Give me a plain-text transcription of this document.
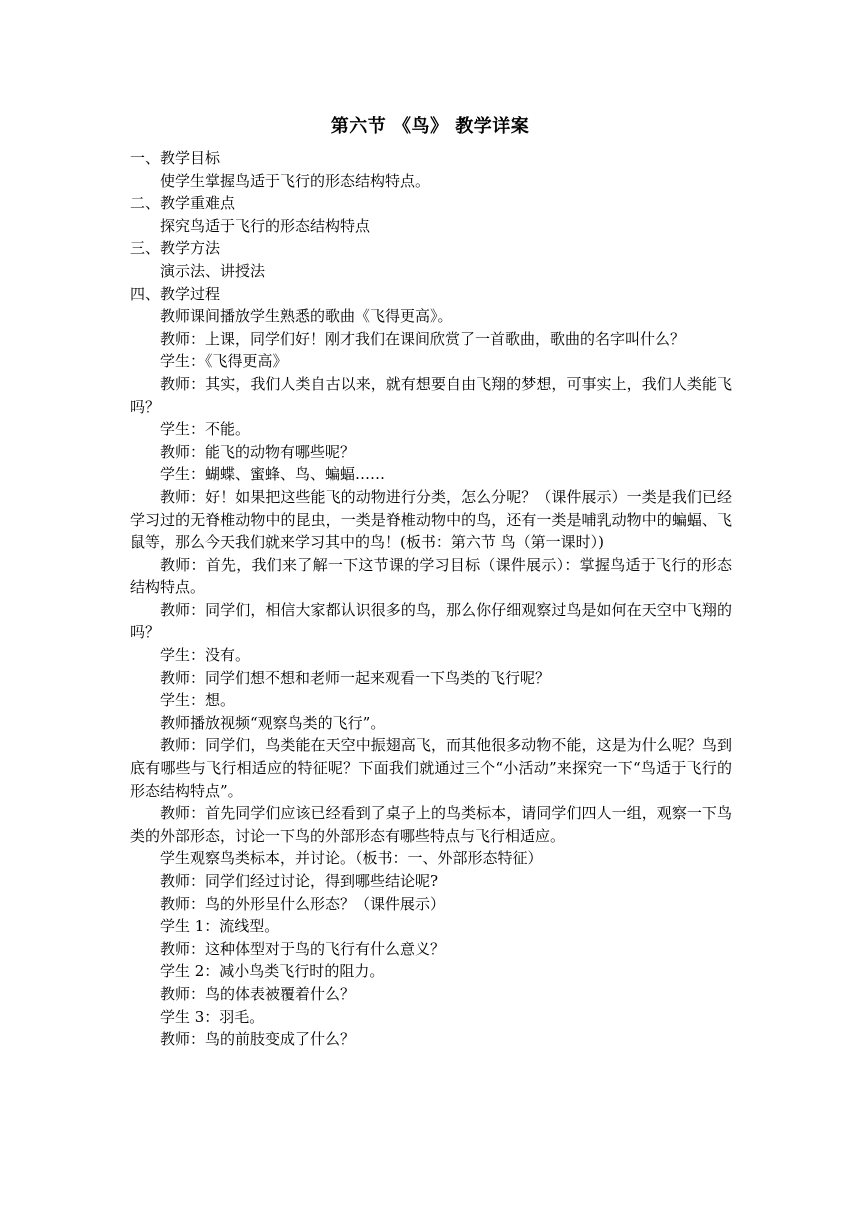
第六节 《鸟》 教学详案

一、教学目标

使学生掌握鸟适于飞行的形态结构特点。

二、教学重难点

探究鸟适于飞行的形态结构特点

三、教学方法

演示法、讲授法

四、教学过程

教师课间播放学生熟悉的歌曲《飞得更高》。

教师：上课，同学们好！刚才我们在课间欣赏了一首歌曲，歌曲的名字叫什么？

学生：《飞得更高》

教师：其实，我们人类自古以来，就有想要自由飞翔的梦想，可事实上，我们人类能飞吗？

学生：不能。

教师：能飞的动物有哪些呢？

学生：蝴蝶、蜜蜂、鸟、蝙蝠……

教师：好！如果把这些能飞的动物进行分类，怎么分呢？（课件展示）一类是我们已经学习过的无脊椎动物中的昆虫，一类是脊椎动物中的鸟，还有一类是哺乳动物中的蝙蝠、飞鼠等，那么今天我们就来学习其中的鸟！(板书：第六节 鸟（第一课时）)

教师：首先，我们来了解一下这节课的学习目标（课件展示）：掌握鸟适于飞行的形态结构特点。

教师：同学们，相信大家都认识很多的鸟，那么你仔细观察过鸟是如何在天空中飞翔的吗？

学生：没有。

教师：同学们想不想和老师一起来观看一下鸟类的飞行呢？

学生：想。

教师播放视频“观察鸟类的飞行”。

教师：同学们，鸟类能在天空中振翅高飞，而其他很多动物不能，这是为什么呢？鸟到底有哪些与飞行相适应的特征呢？下面我们就通过三个“小活动”来探究一下“鸟适于飞行的形态结构特点”。

教师：首先同学们应该已经看到了桌子上的鸟类标本，请同学们四人一组，观察一下鸟类的外部形态，讨论一下鸟的外部形态有哪些特点与飞行相适应。

学生观察鸟类标本，并讨论。（板书：一、外部形态特征）

教师：同学们经过讨论，得到哪些结论呢?

教师：鸟的外形呈什么形态？（课件展示）

学生 1：流线型。

教师：这种体型对于鸟的飞行有什么意义？

学生 2：减小鸟类飞行时的阻力。

教师：鸟的体表被覆着什么？

学生 3：羽毛。

教师：鸟的前肢变成了什么？
